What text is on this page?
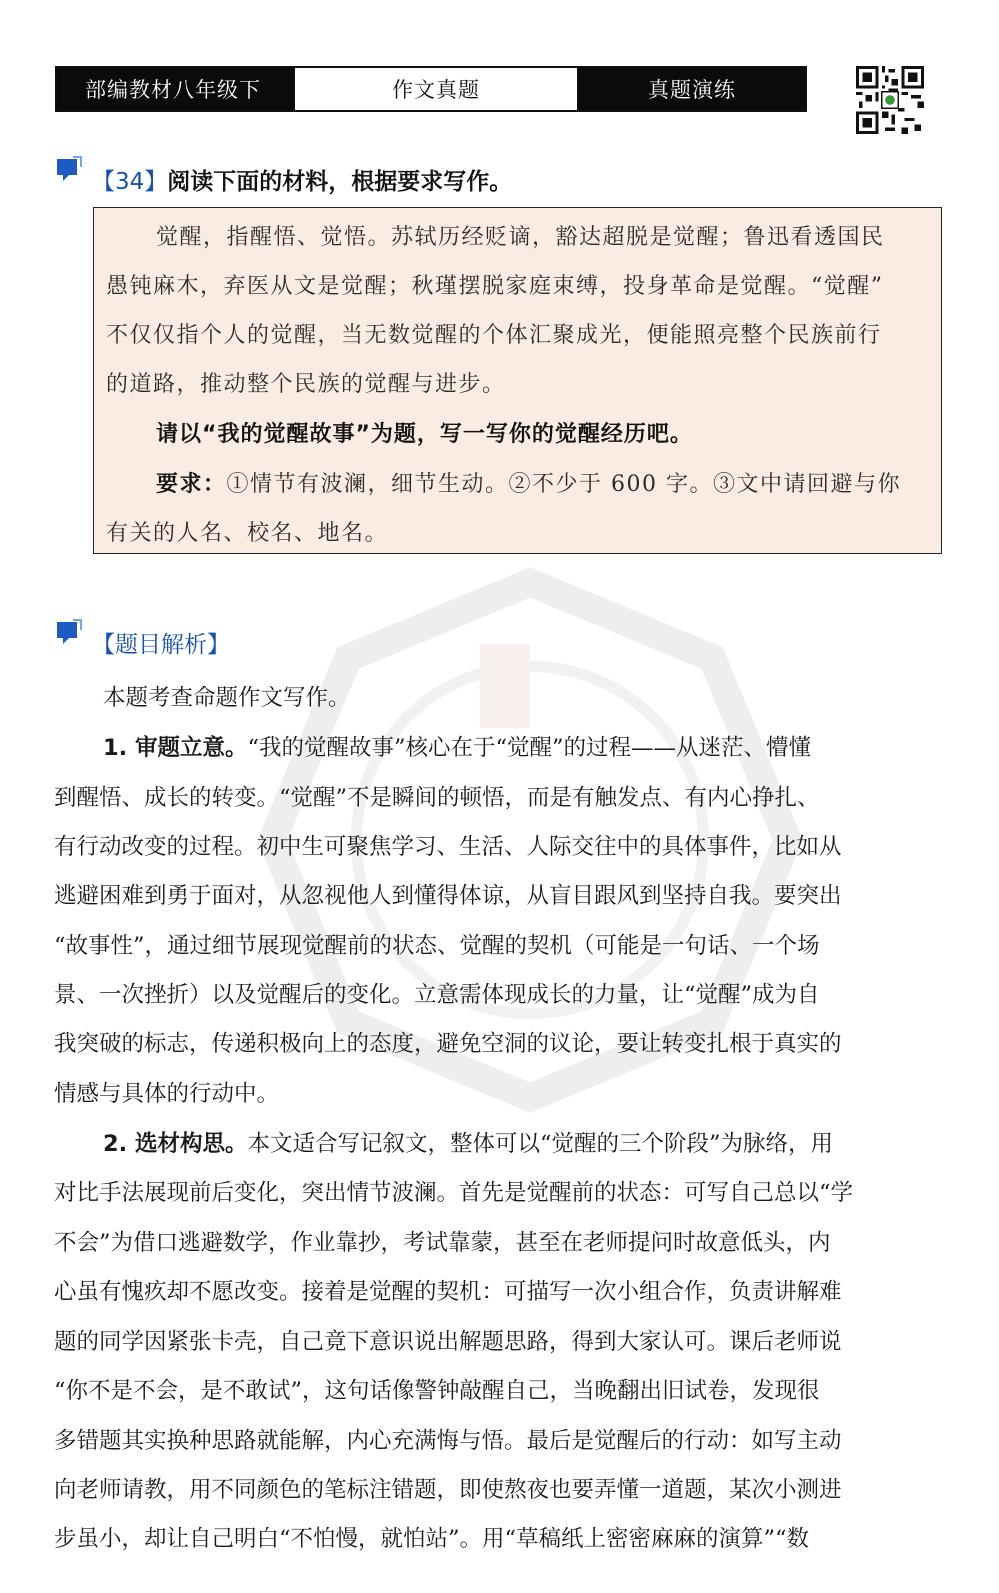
部编教材八年级下	作文真题	真题演练
【34】阅读下面的材料，根据要求写作。
觉醒，指醒悟、觉悟。苏轼历经贬谪，豁达超脱是觉醒；鲁迅看透国民
愚钝麻木，弃医从文是觉醒；秋瑾摆脱家庭束缚，投身革命是觉醒。“觉醒”
不仅仅指个人的觉醒，当无数觉醒的个体汇聚成光，便能照亮整个民族前行
的道路，推动整个民族的觉醒与进步。
请以“我的觉醒故事”为题，写一写你的觉醒经历吧。
要求：①情节有波澜，细节生动。②不少于 600 字。③文中请回避与你
有关的人名、校名、地名。
【题目解析】
本题考查命题作文写作。
1. 审题立意。“我的觉醒故事”核心在于“觉醒”的过程——从迷茫、懵懂
到醒悟、成长的转变。“觉醒”不是瞬间的顿悟，而是有触发点、有内心挣扎、
有行动改变的过程。初中生可聚焦学习、生活、人际交往中的具体事件，比如从
逃避困难到勇于面对，从忽视他人到懂得体谅，从盲目跟风到坚持自我。要突出
“故事性”，通过细节展现觉醒前的状态、觉醒的契机（可能是一句话、一个场
景、一次挫折）以及觉醒后的变化。立意需体现成长的力量，让“觉醒”成为自
我突破的标志，传递积极向上的态度，避免空洞的议论，要让转变扎根于真实的
情感与具体的行动中。
2. 选材构思。本文适合写记叙文，整体可以“觉醒的三个阶段”为脉络，用
对比手法展现前后变化，突出情节波澜。首先是觉醒前的状态：可写自己总以“学
不会”为借口逃避数学，作业靠抄，考试靠蒙，甚至在老师提问时故意低头，内
心虽有愧疚却不愿改变。接着是觉醒的契机：可描写一次小组合作，负责讲解难
题的同学因紧张卡壳，自己竟下意识说出解题思路，得到大家认可。课后老师说
“你不是不会，是不敢试”，这句话像警钟敲醒自己，当晚翻出旧试卷，发现很
多错题其实换种思路就能解，内心充满悔与悟。最后是觉醒后的行动：如写主动
向老师请教，用不同颜色的笔标注错题，即使熬夜也要弄懂一道题，某次小测进
步虽小，却让自己明白“不怕慢，就怕站”。用“草稿纸上密密麻麻的演算”“数
